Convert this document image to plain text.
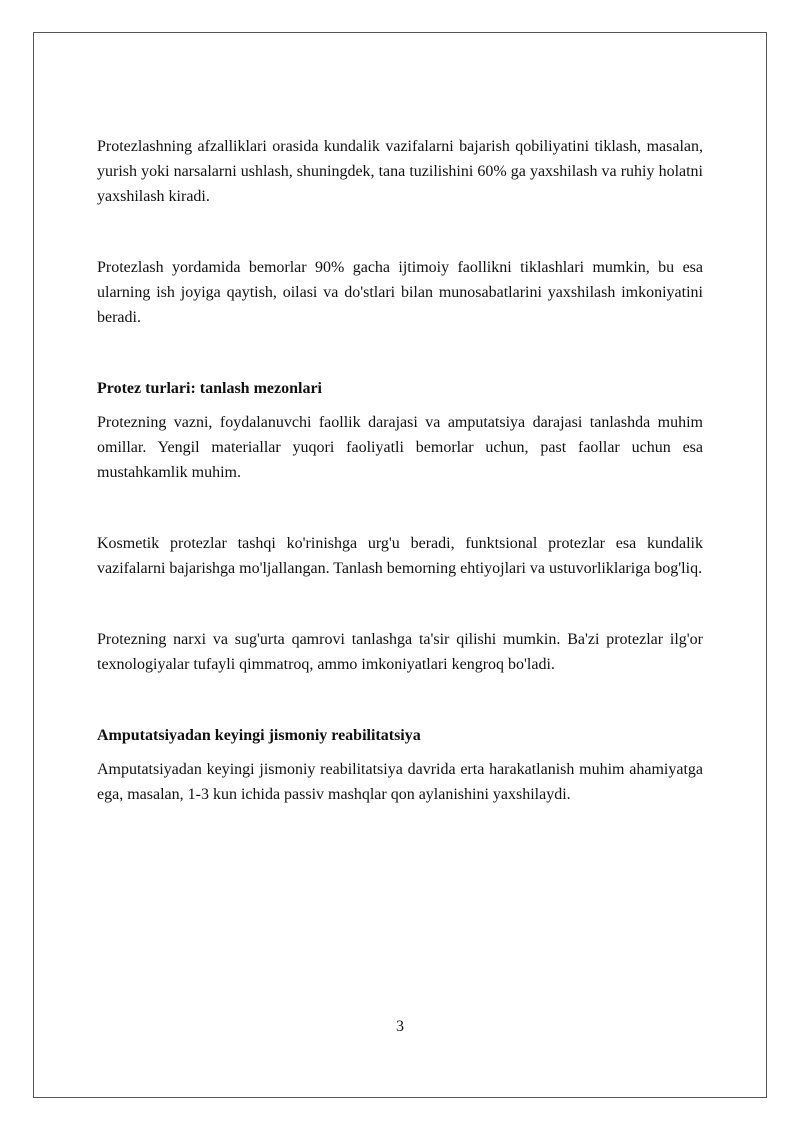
Protezlashning afzalliklari orasida kundalik vazifalarni bajarish qobiliyatini tiklash, masalan, yurish yoki narsalarni ushlash, shuningdek, tana tuzilishini 60% ga yaxshilash va ruhiy holatni yaxshilash kiradi.

Protezlash yordamida bemorlar 90% gacha ijtimoiy faollikni tiklashlari mumkin, bu esa ularning ish joyiga qaytish, oilasi va do'stlari bilan munosabatlarini yaxshilash imkoniyatini beradi.

Protez turlari: tanlash mezonlari

Protezning vazni, foydalanuvchi faollik darajasi va amputatsiya darajasi tanlashda muhim omillar. Yengil materiallar yuqori faoliyatli bemorlar uchun, past faollar uchun esa mustahkamlik muhim.

Kosmetik protezlar tashqi ko'rinishga urg'u beradi, funktsional protezlar esa kundalik vazifalarni bajarishga mo'ljallangan. Tanlash bemorning ehtiyojlari va ustuvorliklariga bog'liq.

Protezning narxi va sug'urta qamrovi tanlashga ta'sir qilishi mumkin. Ba'zi protezlar ilg'or texnologiyalar tufayli qimmatroq, ammo imkoniyatlari kengroq bo'ladi.

Amputatsiyadan keyingi jismoniy reabilitatsiya

Amputatsiyadan keyingi jismoniy reabilitatsiya davrida erta harakatlanish muhim ahamiyatga ega, masalan, 1-3 kun ichida passiv mashqlar qon aylanishini yaxshilaydi.

3
